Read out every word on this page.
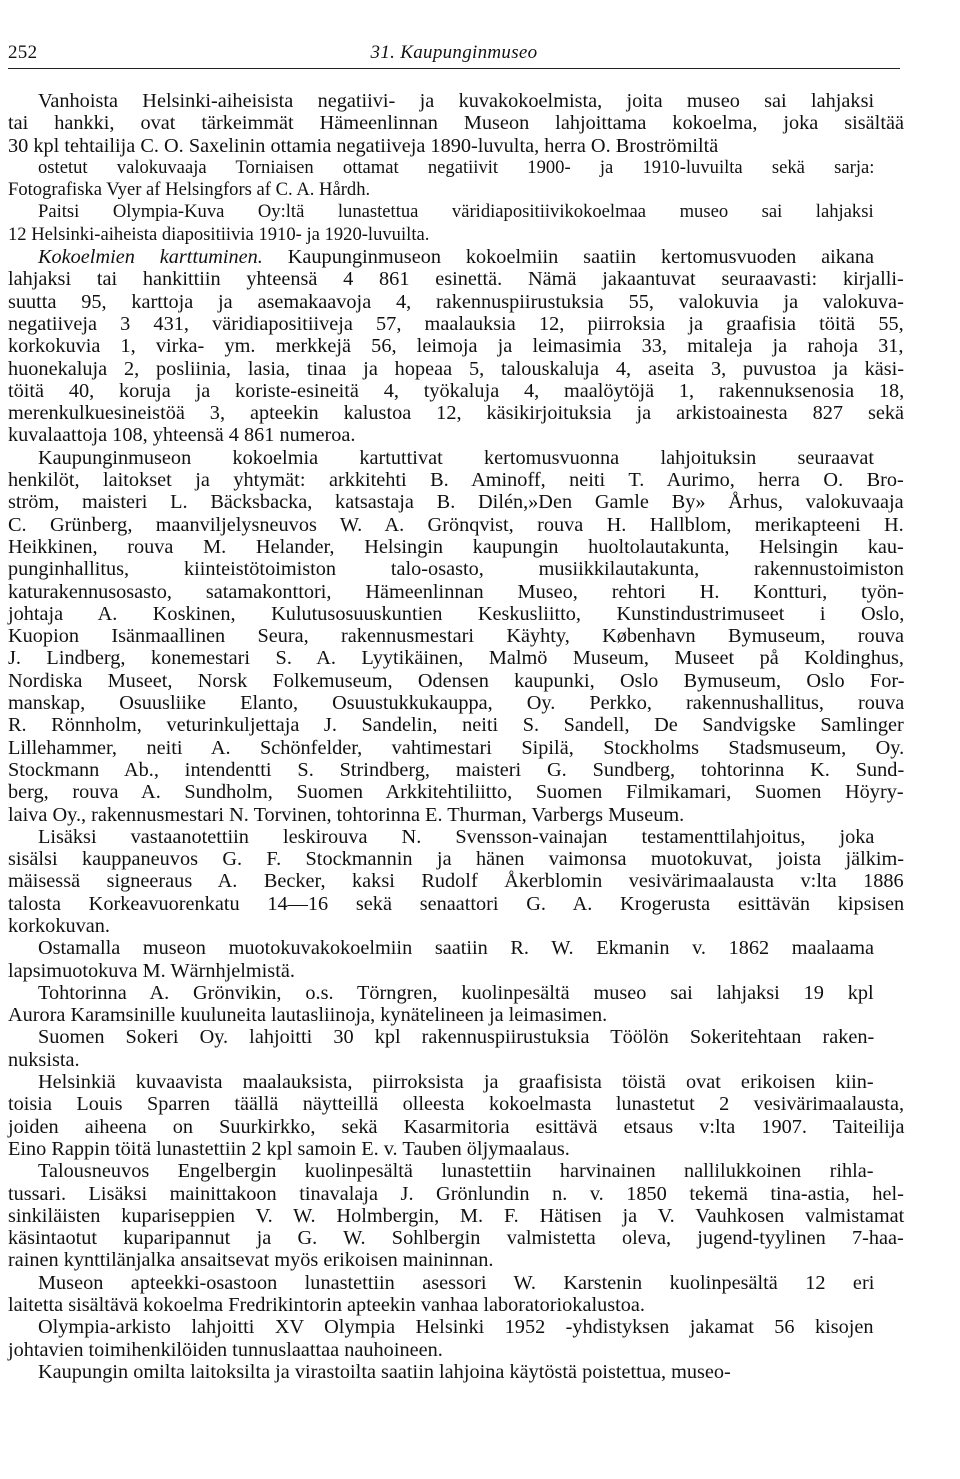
252	31. Kaupunginmuseo
Vanhoista Helsinki-aiheisista negatiivi- ja kuvakokoelmista, joita museo sai lahjaksi
tai hankki, ovat tärkeimmät Hämeenlinnan Museon lahjoittama kokoelma, joka sisältää
30 kpl tehtailija C. O. Saxelinin ottamia negatiiveja 1890-luvulta, herra O. Broströmiltä
ostetut valokuvaaja Torniaisen ottamat negatiivit 1900- ja 1910-luvuilta sekä sarja:
Fotografiska Vyer af Helsingfors af C. A. Hårdh.
Paitsi Olympia-Kuva Oy:ltä lunastettua väridiapositiivikokoelmaa museo sai lahjaksi
12 Helsinki-aiheista diapositiivia 1910- ja 1920-luvuilta.
Kokoelmien karttuminen. Kaupunginmuseon kokoelmiin saatiin kertomusvuoden aikana
lahjaksi tai hankittiin yhteensä 4 861 esinettä. Nämä jakaantuvat seuraavasti: kirjalli-
suutta 95, karttoja ja asemakaavoja 4, rakennuspiirustuksia 55, valokuvia ja valokuva-
negatiiveja 3 431, väridiapositiiveja 57, maalauksia 12, piirroksia ja graafisia töitä 55,
korkokuvia 1, virka- ym. merkkejä 56, leimoja ja leimasimia 33, mitaleja ja rahoja 31,
huonekaluja 2, posliinia, lasia, tinaa ja hopeaa 5, talouskaluja 4, aseita 3, puvustoa ja käsi-
töitä 40, koruja ja koriste-esineitä 4, työkaluja 4, maalöytöjä 1, rakennuksenosia 18,
merenkulkuesineistöä 3, apteekin kalustoa 12, käsikirjoituksia ja arkistoainesta 827 sekä
kuvalaattoja 108, yhteensä 4 861 numeroa.
Kaupunginmuseon kokoelmia kartuttivat kertomusvuonna lahjoituksin seuraavat
henkilöt, laitokset ja yhtymät: arkkitehti B. Aminoff, neiti T. Aurimo, herra O. Bro-
ström, maisteri L. Bäcksbacka, katsastaja B. Dilén,»Den Gamle By» Århus, valokuvaaja
C. Grünberg, maanviljelysneuvos W. A. Grönqvist, rouva H. Hallblom, merikapteeni H.
Heikkinen, rouva M. Helander, Helsingin kaupungin huoltolautakunta, Helsingin kau-
punginhallitus, kiinteistötoimiston talo-osasto, musiikkilautakunta, rakennustoimiston
katurakennusosasto, satamakonttori, Hämeenlinnan Museo, rehtori H. Kontturi, työn-
johtaja A. Koskinen, Kulutusosuuskuntien Keskusliitto, Kunstindustrimuseet i Oslo,
Kuopion Isänmaallinen Seura, rakennusmestari Käyhty, København Bymuseum, rouva
J. Lindberg, konemestari S. A. Lyytikäinen, Malmö Museum, Museet på Koldinghus,
Nordiska Museet, Norsk Folkemuseum, Odensen kaupunki, Oslo Bymuseum, Oslo For-
manskap, Osuusliike Elanto, Osuustukkukauppa, Oy. Perkko, rakennushallitus, rouva
R. Rönnholm, veturinkuljettaja J. Sandelin, neiti S. Sandell, De Sandvigske Samlinger
Lillehammer, neiti A. Schönfelder, vahtimestari Sipilä, Stockholms Stadsmuseum, Oy.
Stockmann Ab., intendentti S. Strindberg, maisteri G. Sundberg, tohtorinna K. Sund-
berg, rouva A. Sundholm, Suomen Arkkitehtiliitto, Suomen Filmikamari, Suomen Höyry-
laiva Oy., rakennusmestari N. Torvinen, tohtorinna E. Thurman, Varbergs Museum.
Lisäksi vastaanotettiin leskirouva N. Svensson-vainajan testamenttilahjoitus, joka
sisälsi kauppaneuvos G. F. Stockmannin ja hänen vaimonsa muotokuvat, joista jälkim-
mäisessä signeeraus A. Becker, kaksi Rudolf Åkerblomin vesivärimaalausta v:lta 1886
talosta Korkeavuorenkatu 14—16 sekä senaattori G. A. Krogerusta esittävän kipsisen
korkokuvan.
Ostamalla museon muotokuvakokoelmiin saatiin R. W. Ekmanin v. 1862 maalaama
lapsimuotokuva M. Wärnhjelmistä.
Tohtorinna A. Grönvikin, o.s. Törngren, kuolinpesältä museo sai lahjaksi 19 kpl
Aurora Karamsinille kuuluneita lautasliinoja, kynätelineen ja leimasimen.
Suomen Sokeri Oy. lahjoitti 30 kpl rakennuspiirustuksia Töölön Sokeritehtaan raken-
nuksista.
Helsinkiä kuvaavista maalauksista, piirroksista ja graafisista töistä ovat erikoisen kiin-
toisia Louis Sparren täällä näytteillä olleesta kokoelmasta lunastetut 2 vesivärimaalausta,
joiden aiheena on Suurkirkko, sekä Kasarmitoria esittävä etsaus v:lta 1907. Taiteilija
Eino Rappin töitä lunastettiin 2 kpl samoin E. v. Tauben öljymaalaus.
Talousneuvos Engelbergin kuolinpesältä lunastettiin harvinainen nallilukkoinen rihla-
tussari. Lisäksi mainittakoon tinavalaja J. Grönlundin n. v. 1850 tekemä tina-astia, hel-
sinkiläisten kupariseppien V. W. Holmbergin, M. F. Hätisen ja V. Vauhkosen valmistamat
käsintaotut kuparipannut ja G. W. Sohlbergin valmistetta oleva, jugend-tyylinen 7-haa-
rainen kynttilänjalka ansaitsevat myös erikoisen maininnan.
Museon apteekki-osastoon lunastettiin asessori W. Karstenin kuolinpesältä 12 eri
laitetta sisältävä kokoelma Fredrikintorin apteekin vanhaa laboratoriokalustoa.
Olympia-arkisto lahjoitti XV Olympia Helsinki 1952 -yhdistyksen jakamat 56 kisojen
johtavien toimihenkilöiden tunnuslaattaa nauhoineen.
Kaupungin omilta laitoksilta ja virastoilta saatiin lahjoina käytöstä poistettua, museo-
